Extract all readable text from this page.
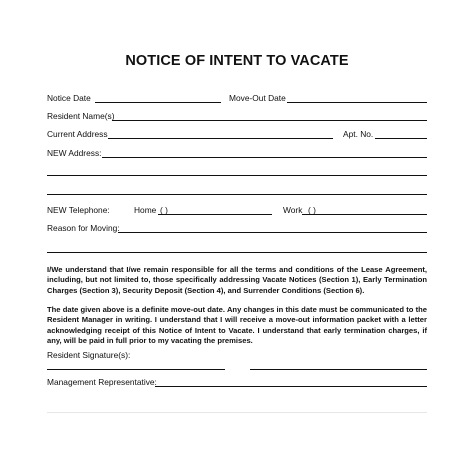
NOTICE OF INTENT TO VACATE
Notice Date	Move-Out Date
Resident Name(s)
Current Address	Apt. No.
NEW Address:
NEW Telephone:	Home ( )	Work ( )
Reason for Moving:
I/We understand that I/we remain responsible for all the terms and conditions of the Lease Agreement, including, but not limited to, those specifically addressing Vacate Notices (Section 1), Early Termination Charges (Section 3), Security Deposit (Section 4), and Surrender Conditions (Section 6).
The date given above is a definite move-out date. Any changes in this date must be communicated to the Resident Manager in writing. I understand that I will receive a move-out information packet with a letter acknowledging receipt of this Notice of Intent to Vacate. I understand that early termination charges, if any, will be paid in full prior to my vacating the premises.
Resident Signature(s):
Management Representative:
